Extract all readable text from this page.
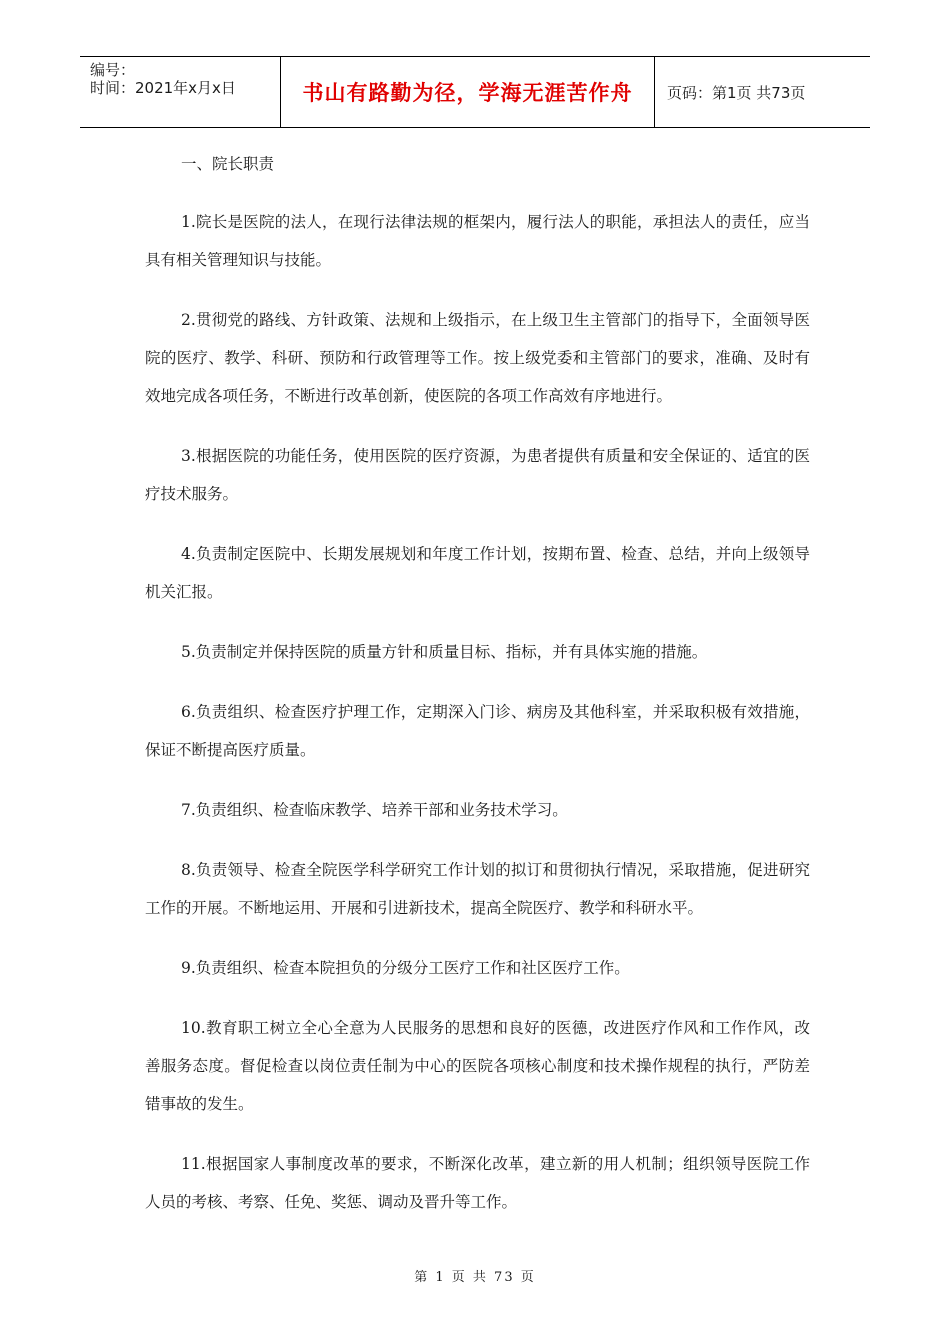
编号：
时间：2021年x月x日	书山有路勤为径，学海无涯苦作舟 页码：第1页 共73页

一、院长职责

1.院长是医院的法人，在现行法律法规的框架内，履行法人的职能，承担法人的责任，应当具有相关管理知识与技能。

2.贯彻党的路线、方针政策、法规和上级指示，在上级卫生主管部门的指导下，全面领导医院的医疗、教学、科研、预防和行政管理等工作。按上级党委和主管部门的要求，准确、及时有效地完成各项任务，不断进行改革创新，使医院的各项工作高效有序地进行。

3.根据医院的功能任务，使用医院的医疗资源，为患者提供有质量和安全保证的、适宜的医疗技术服务。

4.负责制定医院中、长期发展规划和年度工作计划，按期布置、检查、总结，并向上级领导机关汇报。

5.负责制定并保持医院的质量方针和质量目标、指标，并有具体实施的措施。

6.负责组织、检查医疗护理工作，定期深入门诊、病房及其他科室，并采取积极有效措施，保证不断提高医疗质量。

7.负责组织、检查临床教学、培养干部和业务技术学习。

8.负责领导、检查全院医学科学研究工作计划的拟订和贯彻执行情况，采取措施，促进研究工作的开展。不断地运用、开展和引进新技术，提高全院医疗、教学和科研水平。

9.负责组织、检查本院担负的分级分工医疗工作和社区医疗工作。

10.教育职工树立全心全意为人民服务的思想和良好的医德，改进医疗作风和工作作风，改善服务态度。督促检查以岗位责任制为中心的医院各项核心制度和技术操作规程的执行，严防差错事故的发生。

11.根据国家人事制度改革的要求，不断深化改革，建立新的用人机制；组织领导医院工作人员的考核、考察、任免、奖惩、调动及晋升等工作。

第 1 页 共 73 页
